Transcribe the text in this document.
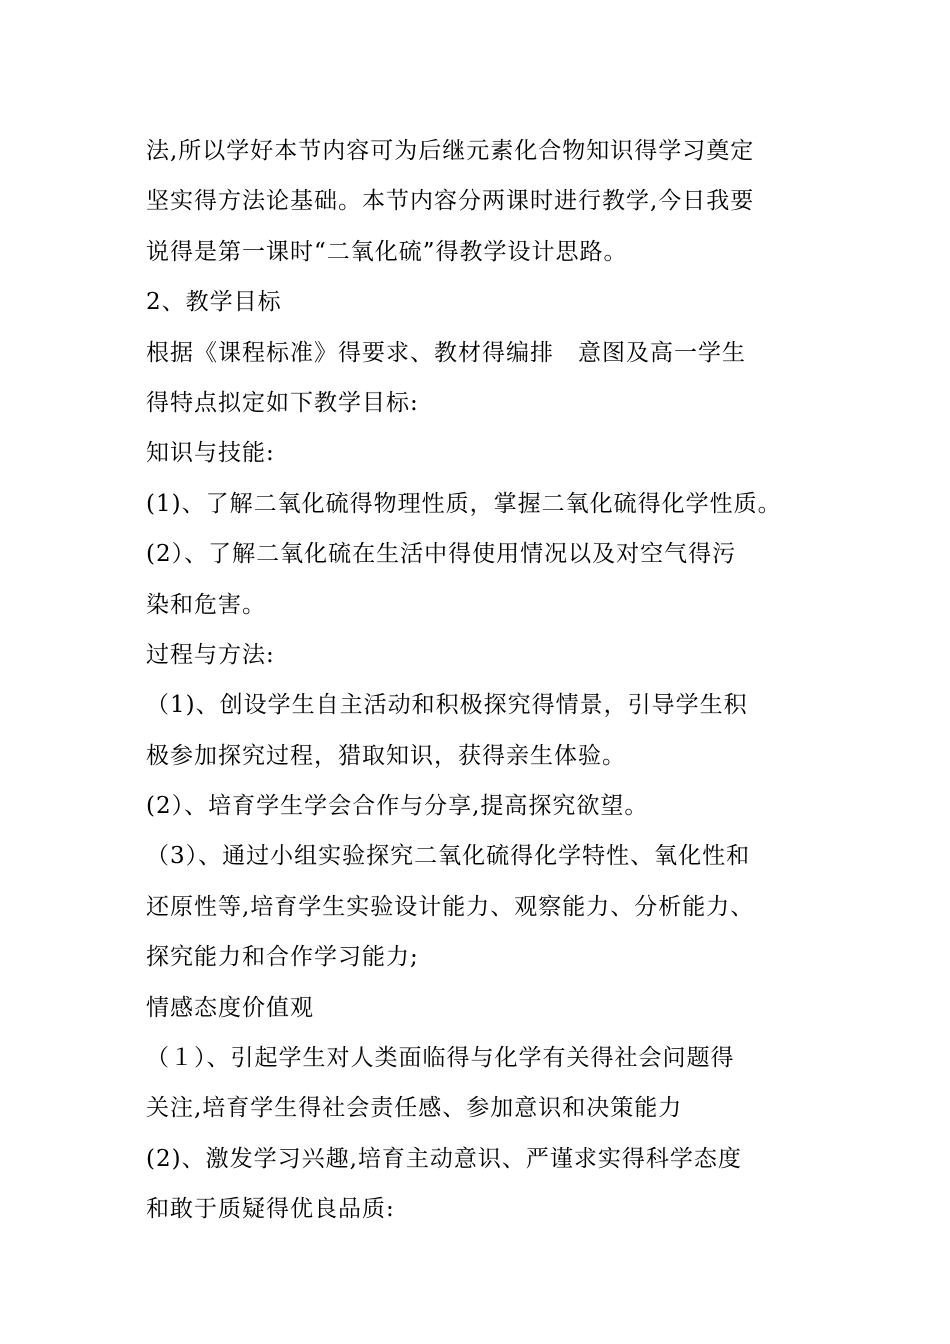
法,所以学好本节内容可为后继元素化合物知识得学习奠定
坚实得方法论基础。本节内容分两课时进行教学,今日我要
说得是第一课时“二氧化硫”得教学设计思路。
2、教学目标
根据《课程标准》得要求、教材得编排　意图及高一学生
得特点拟定如下教学目标:
知识与技能:
(1)、了解二氧化硫得物理性质，掌握二氧化硫得化学性质。
(2）、了解二氧化硫在生活中得使用情况以及对空气得污
染和危害。
过程与方法:
（1)、创设学生自主活动和积极探究得情景，引导学生积
极参加探究过程，猎取知识，获得亲生体验。
(2）、培育学生学会合作与分享,提高探究欲望。
（3）、通过小组实验探究二氧化硫得化学特性、氧化性和
还原性等,培育学生实验设计能力、观察能力、分析能力、
探究能力和合作学习能力;
情感态度价值观
（１）、引起学生对人类面临得与化学有关得社会问题得
关注,培育学生得社会责任感、参加意识和决策能力
(2)、激发学习兴趣,培育主动意识、严谨求实得科学态度
和敢于质疑得优良品质:
